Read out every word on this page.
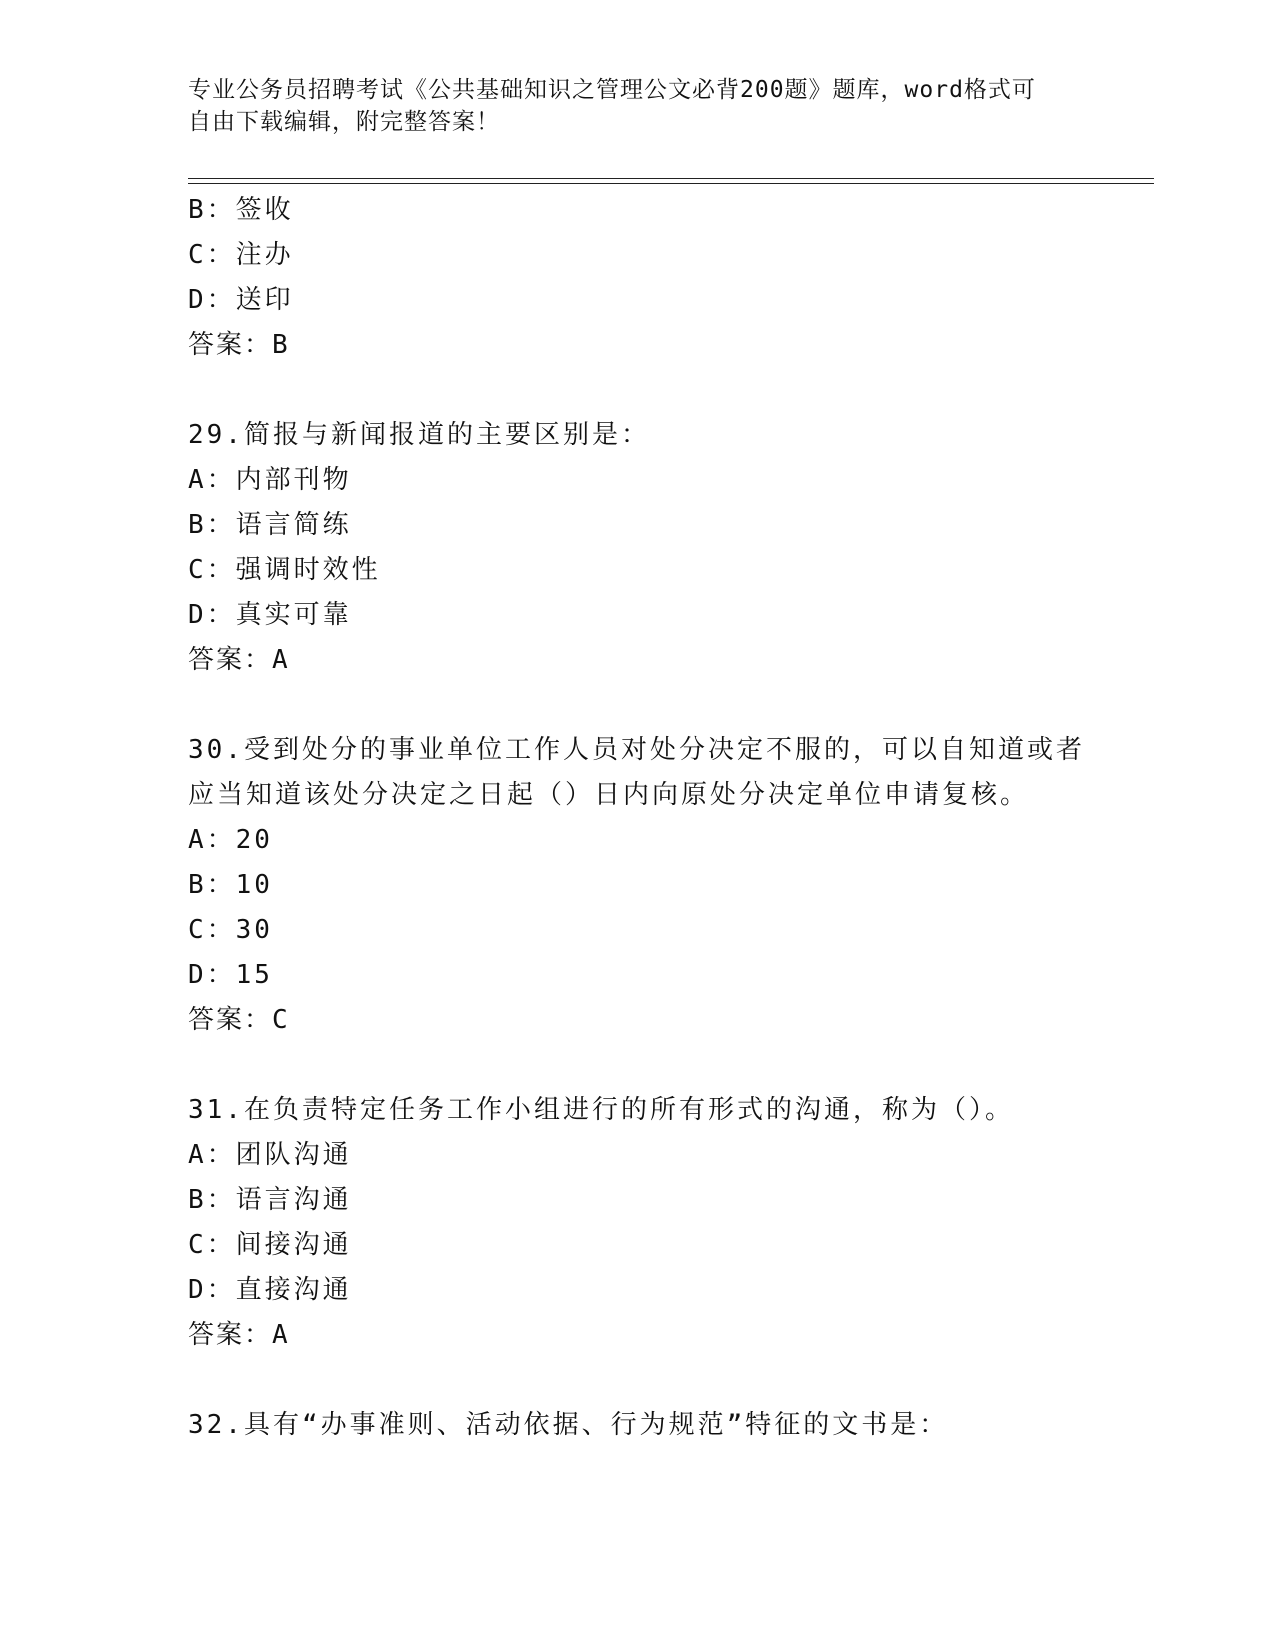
专业公务员招聘考试《公共基础知识之管理公文必背200题》题库，word格式可
自由下载编辑，附完整答案！
B：签收
C：注办
D：送印
答案：B
29.简报与新闻报道的主要区别是：
A：内部刊物
B：语言简练
C：强调时效性
D：真实可靠
答案：A
30.受到处分的事业单位工作人员对处分决定不服的，可以自知道或者
应当知道该处分决定之日起（）日内向原处分决定单位申请复核。
A：20
B：10
C：30
D：15
答案：C
31.在负责特定任务工作小组进行的所有形式的沟通，称为（）。
A：团队沟通
B：语言沟通
C：间接沟通
D：直接沟通
答案：A
32.具有“办事准则、活动依据、行为规范”特征的文书是：
